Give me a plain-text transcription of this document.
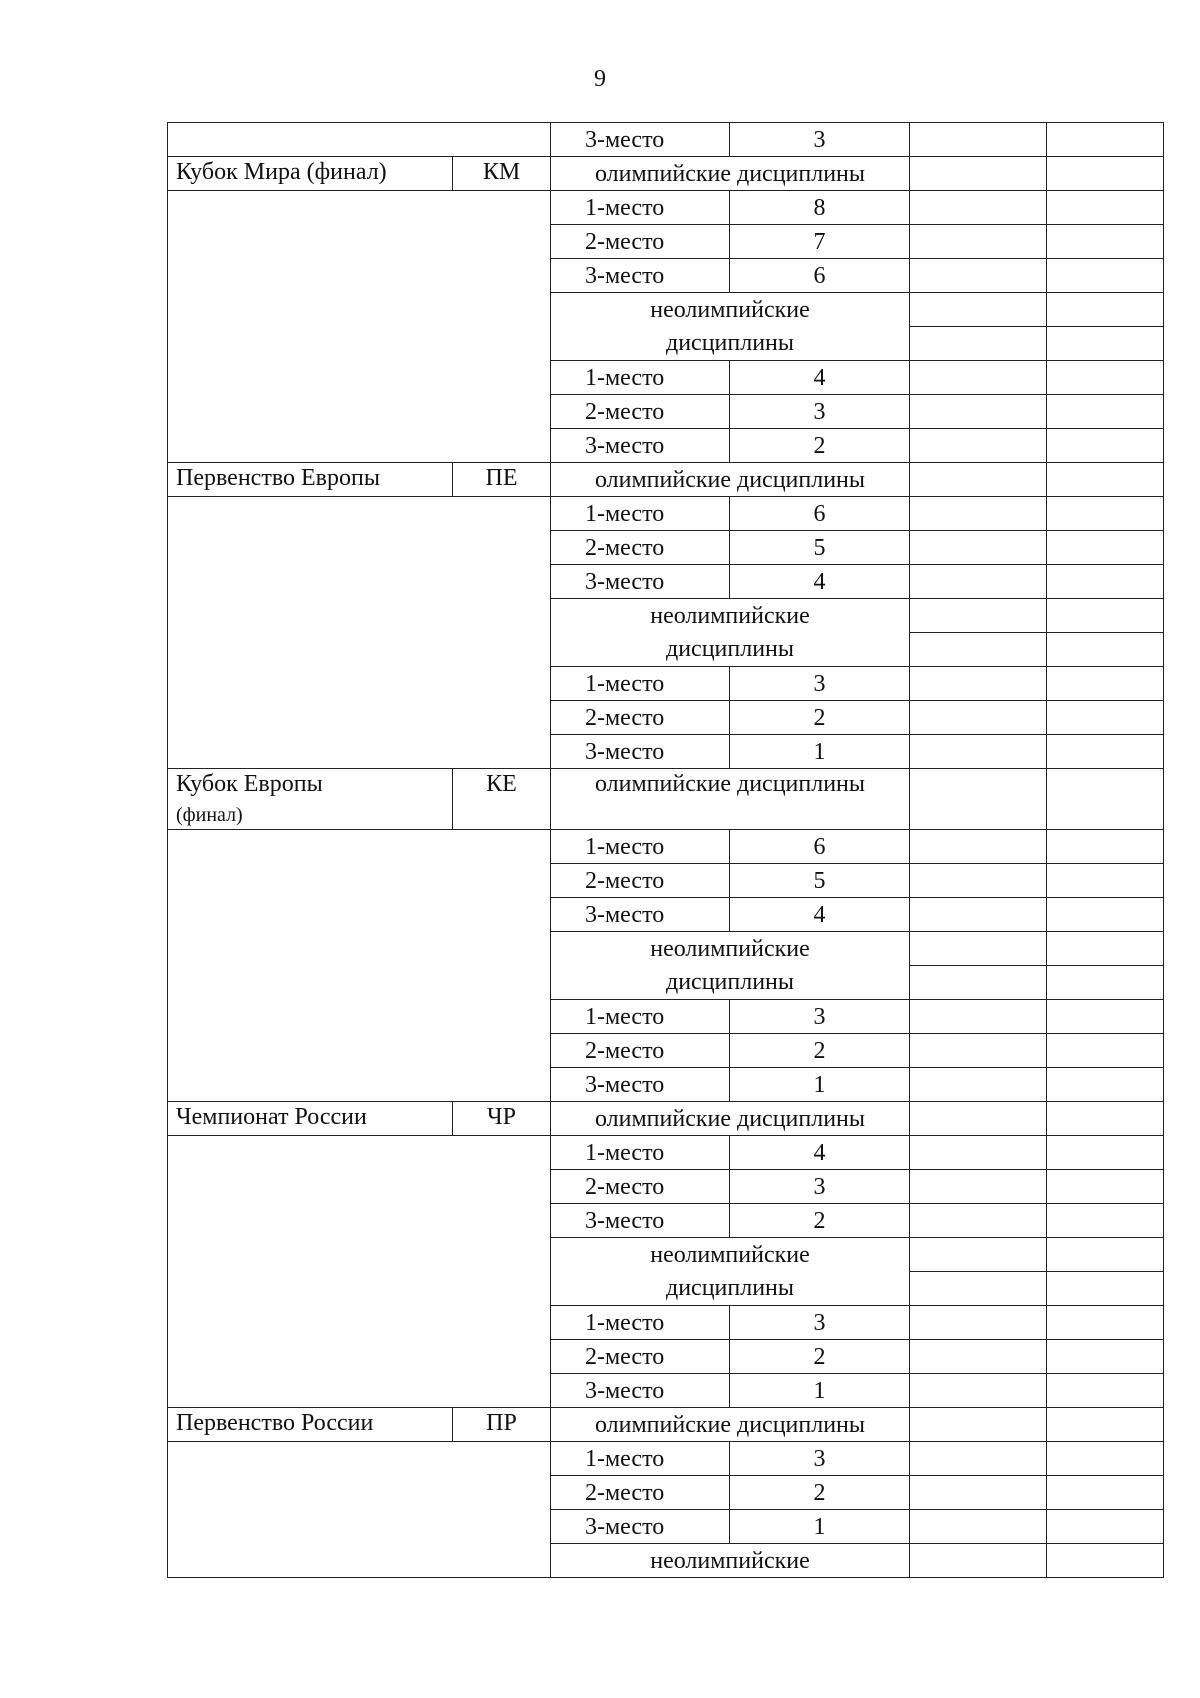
9
		3-место	3		
Кубок Мира (финал)	КМ	олимпийские дисциплины			
		1-место	8		
		2-место	7		
		3-место	6		
		неолимпийские
дисциплины			

		1-место	4		
		2-место	3		
		3-место	2		
Первенство Европы	ПЕ	олимпийские дисциплины			
		1-место	6		
		2-место	5		
		3-место	4		
		неолимпийские
дисциплины			

		1-место	3		
		2-место	2		
		3-место	1		
Кубок Европы
(финал)	КЕ	олимпийские дисциплины			
		1-место	6		
		2-место	5		
		3-место	4		
		неолимпийские
дисциплины			

		1-место	3		
		2-место	2		
		3-место	1		
Чемпионат России	ЧР	олимпийские дисциплины			
		1-место	4		
		2-место	3		
		3-место	2		
		неолимпийские
дисциплины			

		1-место	3		
		2-место	2		
		3-место	1		
Первенство России	ПР	олимпийские дисциплины			
		1-место	3		
		2-место	2		
		3-место	1		
		неолимпийские			
